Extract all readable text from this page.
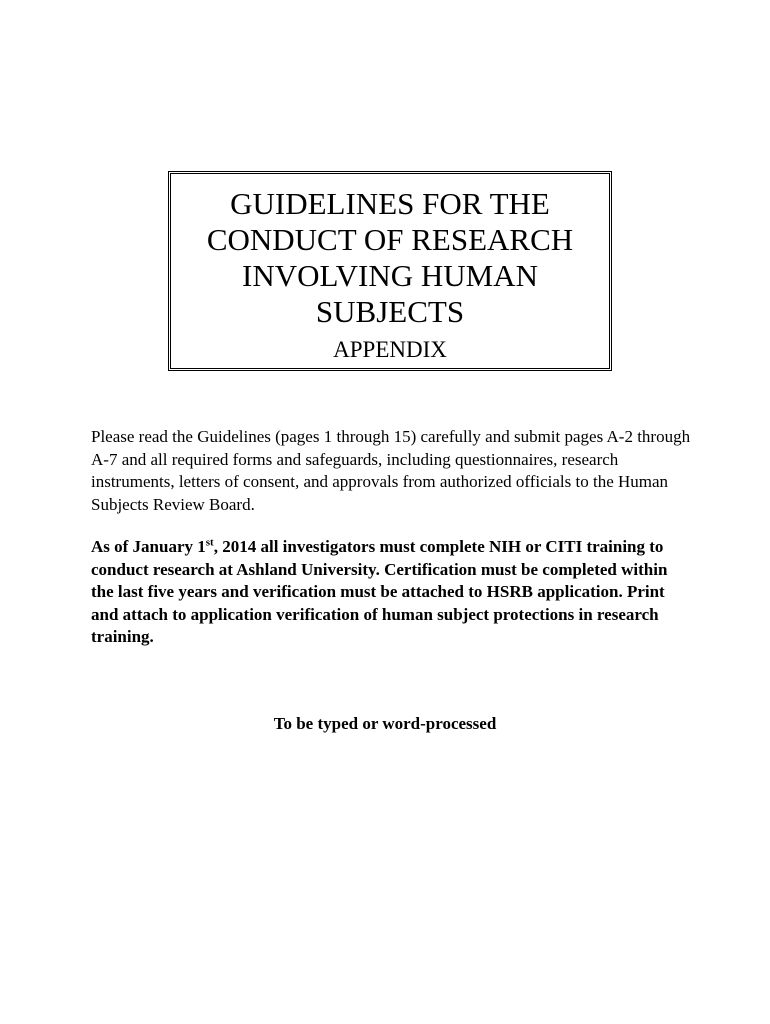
GUIDELINES FOR THE
CONDUCT OF RESEARCH
INVOLVING HUMAN
SUBJECTS
APPENDIX

Please read the Guidelines (pages 1 through 15) carefully and submit pages A-2 through A-7 and all required forms and safeguards, including questionnaires, research instruments, letters of consent, and approvals from authorized officials to the Human Subjects Review Board.

As of January 1st, 2014 all investigators must complete NIH or CITI training to conduct research at Ashland University. Certification must be completed within the last five years and verification must be attached to HSRB application. Print and attach to application verification of human subject protections in research training.

To be typed or word-processed
